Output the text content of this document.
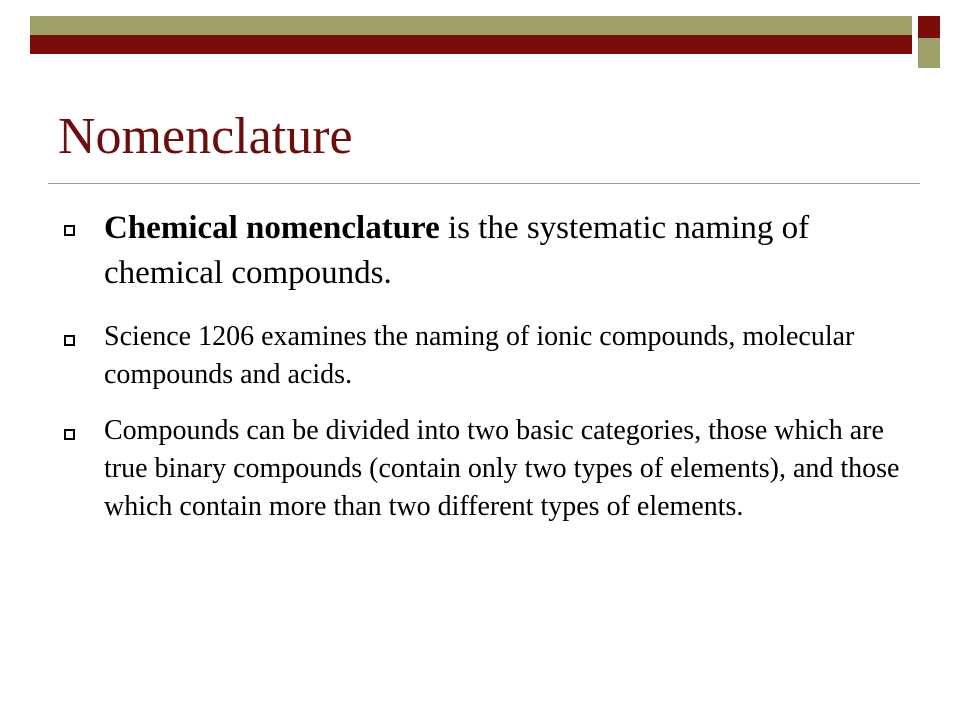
Nomenclature
Chemical nomenclature is the systematic naming of chemical compounds.
Science 1206 examines the naming of ionic compounds, molecular compounds and acids.
Compounds can be divided into two basic categories, those which are true binary compounds (contain only two types of elements), and those which contain more than two different types of elements.
